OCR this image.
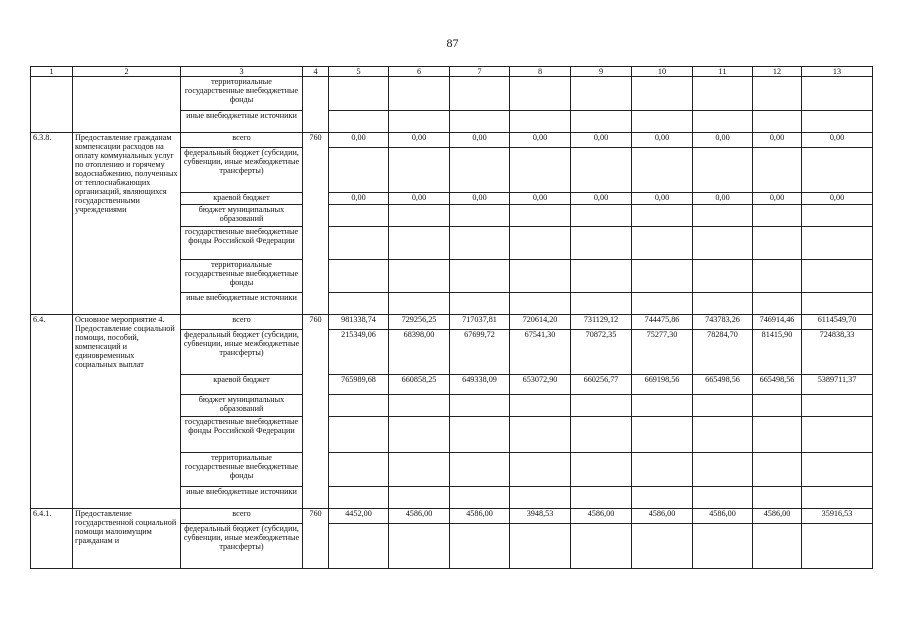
87
1	2	3	4	5	6	7	8	9	10	11	12	13
		территориальные государственные внебюджетные фонды										
		иные внебюджетные источники										
6.3.8.	Предоставление гражданам компенсации расходов на оплату коммунальных услуг по отоплению и горячему водоснабжению, полученных от теплоснабжающих организаций, являющихся государственными учреждениями	всего	760	0,00	0,00	0,00	0,00	0,00	0,00	0,00	0,00	0,00
		федеральный бюджет (субсидии, субвенции, иные межбюджетные трансферты)										
		краевой бюджет		0,00	0,00	0,00	0,00	0,00	0,00	0,00	0,00	0,00
		бюджет муниципальных образований										
		государственные внебюджетные фонды Российской Федерации										
		территориальные государственные внебюджетные фонды										
		иные внебюджетные источники										
6.4.	Основное мероприятие 4. Предоставление социальной помощи, пособий, компенсаций и единовременных социальных выплат	всего	760	981338,74	729256,25	717037,81	720614,20	731129,12	744475,86	743783,26	746914,46	6114549,70
		федеральный бюджет (субсидии, субвенции, иные межбюджетные трансферты)		215349,06	68398,00	67699,72	67541,30	70872,35	75277,30	78284,70	81415,90	724838,33
		краевой бюджет		765989,68	660858,25	649338,09	653072,90	660256,77	669198,56	665498,56	665498,56	5389711,37
		бюджет муниципальных образований										
		государственные внебюджетные фонды Российской Федерации										
		территориальные государственные внебюджетные фонды										
		иные внебюджетные источники										
6.4.1.	Предоставление государственной социальной помощи малоимущим гражданам и	всего	760	4452,00	4586,00	4586,00	3948,53	4586,00	4586,00	4586,00	4586,00	35916,53
		федеральный бюджет (субсидии, субвенции, иные межбюджетные трансферты)										
